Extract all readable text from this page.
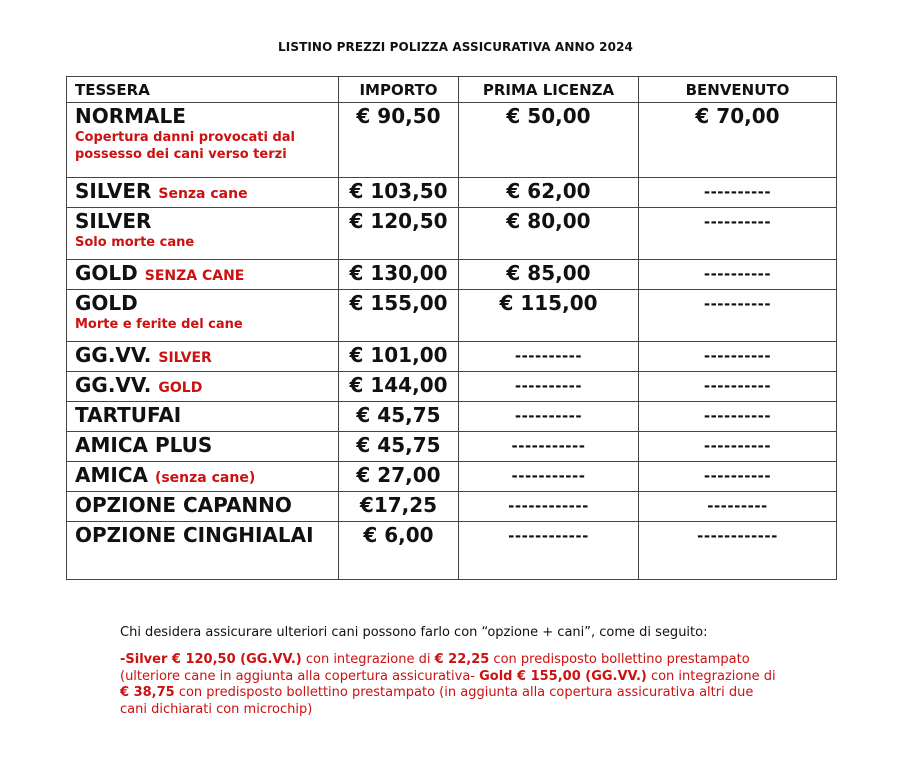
LISTINO PREZZI POLIZZA ASSICURATIVA ANNO 2024
TESSERA	IMPORTO	PRIMA LICENZA	BENVENUTO

NORMALE
Copertura danni provocati dal possesso dei cani verso terzi	€ 90,50	€ 50,00	€ 70,00

SILVER Senza cane	€ 103,50	€ 62,00	----------

SILVER
Solo morte cane	€ 120,50	€ 80,00	----------

GOLD SENZA CANE	€ 130,00	€ 85,00	----------

GOLD
Morte e ferite del cane	€ 155,00	€ 115,00	----------

GG.VV. SILVER	€ 101,00	----------	----------

GG.VV. GOLD	€ 144,00	----------	----------

TARTUFAI	€ 45,75	----------	----------

AMICA PLUS	€ 45,75	-----------	----------

AMICA (senza cane)	€ 27,00	-----------	----------

OPZIONE CAPANNO	€17,25	------------	---------

OPZIONE CINGHIALAI	€ 6,00	------------	------------
Chi desidera assicurare ulteriori cani possono farlo con “opzione + cani”, come di seguito:
-Silver € 120,50 (GG.VV.) con integrazione di € 22,25 con predisposto bollettino prestampato (ulteriore cane in aggiunta alla copertura assicurativa- Gold € 155,00 (GG.VV.) con integrazione di € 38,75 con predisposto bollettino prestampato (in aggiunta alla copertura assicurativa altri due cani dichiarati con microchip)
